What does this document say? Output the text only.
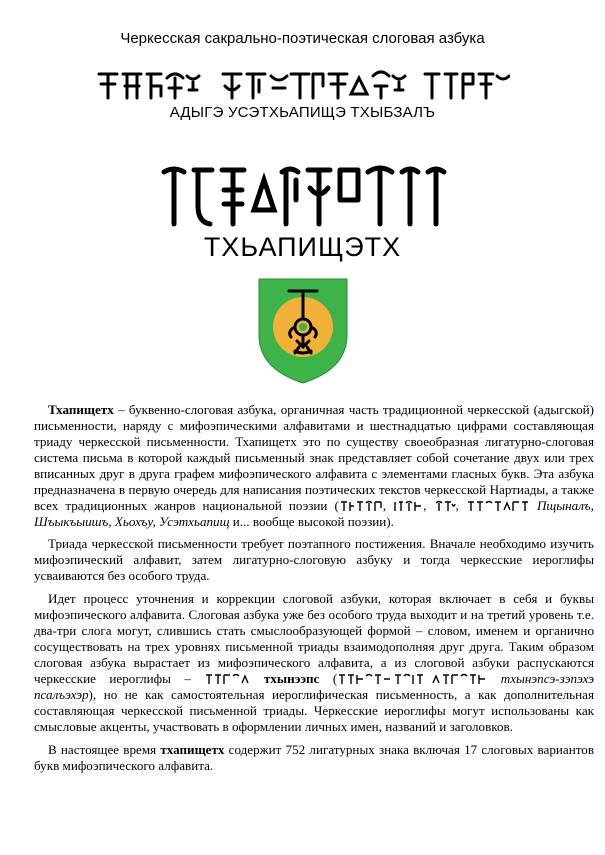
Черкесская сакрально-поэтическая слоговая азбука
АДЫГЭ УСЭТХЬАПИЩЭ ТХЫБЗАЛЪ
ТХЬАПИЩЭТХ

Тхапищетх – буквенно-слоговая азбука, органичная часть традиционной черкесской (адыгской) письменности, наряду с мифоэпическими алфавитами и шестнадцатью цифрами составляющая триаду черкесской письменности. Тхапищетх это по существу своеобразная лигатурно-слоговая система письма в которой каждый письменный знак представляет собой сочетание двух или трех вписанных друг в друга графем мифоэпического алфавита с элементами гласных букв. Эта азбука предназначена в первую очередь для написания поэтических текстов черкесской Нартиады, а также всех традиционных жанров национальной поэзии (	, , ,	Пщыналъ, Шъыкъыишъ, Хьохъу, Усэтхьапищ и... вообще высокой поэзии).

Триада черкесской письменности требует поэтапного постижения. Вначале необходимо изучить мифоэпический алфавит, затем лигатурно-слоговую азбуку и тогда черкесские иероглифы усваиваются без особого труда.

Идет процесс уточнения и коррекции слоговой азбуки, которая включает в себя и буквы мифоэпического алфавита. Слоговая азбука уже без особого труда выходит и на третий уровень т.е. два-три слога могут, слившись стать смыслообразующей формой – словом, именем и органично сосуществовать на трех уровнях письменной триады взаимодополняя друг друга. Таким образом слоговая азбука вырастает из мифоэпического алфавита, а из слоговой азбуки распускаются черкесские иероглифы –	тхынээпс (	тхынэпсэ-зэпэхэ псалъэхэр), но не как самостоятельная иероглифическая письменность, а как дополнительная составляющая черкесской письменной триады. Черкесские иероглифы могут использованы как смысловые акценты, участвовать в оформлении личных имен, названий и заголовков.

В настоящее время тхапищетх содержит 752 лигатурных знака включая 17 слоговых вариантов букв мифоэпического алфавита.
